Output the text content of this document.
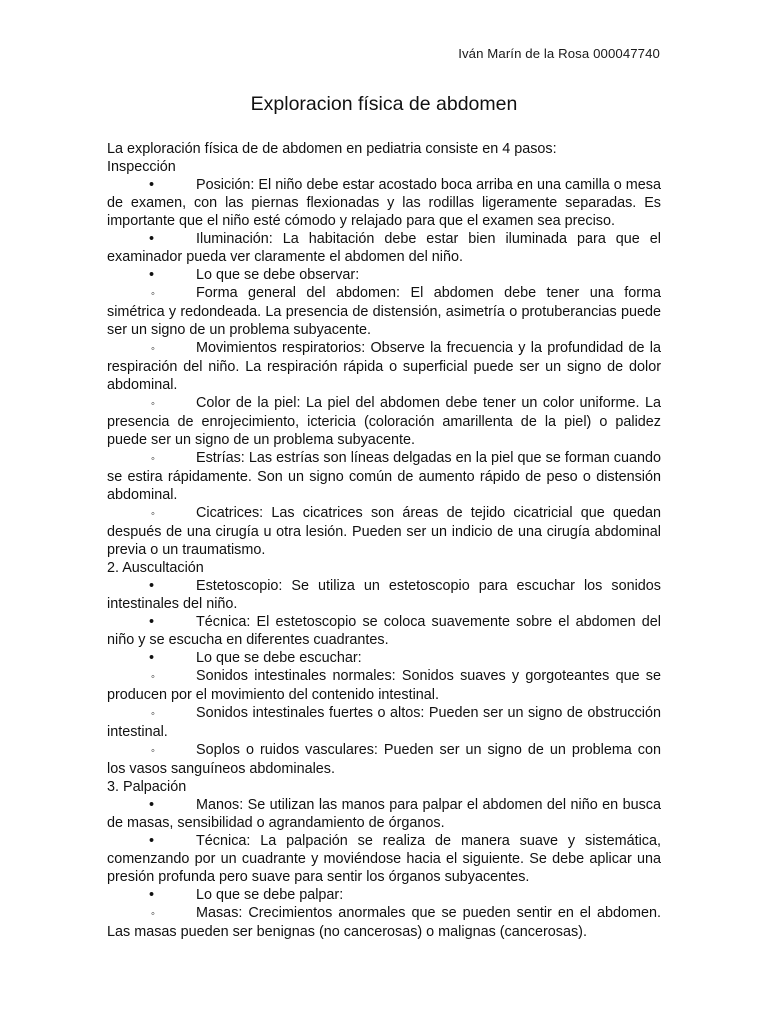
Iván Marín de la Rosa 000047740
Exploracion física de abdomen

La exploración física de de abdomen en pediatria consiste en 4 pasos:

Inspección

•	Posición: El niño debe estar acostado boca arriba en una camilla o mesa de examen, con las piernas flexionadas y las rodillas ligeramente separadas. Es importante que el niño esté cómodo y relajado para que el examen sea preciso.

•	Iluminación: La habitación debe estar bien iluminada para que el examinador pueda ver claramente el abdomen del niño.

•	Lo que se debe observar:

◦	Forma general del abdomen: El abdomen debe tener una forma simétrica y redondeada. La presencia de distensión, asimetría o protuberancias puede ser un signo de un problema subyacente.

◦	Movimientos respiratorios: Observe la frecuencia y la profundidad de la respiración del niño. La respiración rápida o superficial puede ser un signo de dolor abdominal.

◦	Color de la piel: La piel del abdomen debe tener un color uniforme. La presencia de enrojecimiento, ictericia (coloración amarillenta de la piel) o palidez puede ser un signo de un problema subyacente.

◦	Estrías: Las estrías son líneas delgadas en la piel que se forman cuando se estira rápidamente. Son un signo común de aumento rápido de peso o distensión abdominal.

◦	Cicatrices: Las cicatrices son áreas de tejido cicatricial que quedan después de una cirugía u otra lesión. Pueden ser un indicio de una cirugía abdominal previa o un traumatismo.

2. Auscultación

•	Estetoscopio: Se utiliza un estetoscopio para escuchar los sonidos intestinales del niño.

•	Técnica: El estetoscopio se coloca suavemente sobre el abdomen del niño y se escucha en diferentes cuadrantes.

•	Lo que se debe escuchar:

◦	Sonidos intestinales normales: Sonidos suaves y gorgoteantes que se producen por el movimiento del contenido intestinal.

◦	Sonidos intestinales fuertes o altos: Pueden ser un signo de obstrucción intestinal.

◦	Soplos o ruidos vasculares: Pueden ser un signo de un problema con los vasos sanguíneos abdominales.

3. Palpación

•	Manos: Se utilizan las manos para palpar el abdomen del niño en busca de masas, sensibilidad o agrandamiento de órganos.

•	Técnica: La palpación se realiza de manera suave y sistemática, comenzando por un cuadrante y moviéndose hacia el siguiente. Se debe aplicar una presión profunda pero suave para sentir los órganos subyacentes.

•	Lo que se debe palpar:

◦	Masas: Crecimientos anormales que se pueden sentir en el abdomen. Las masas pueden ser benignas (no cancerosas) o malignas (cancerosas).
